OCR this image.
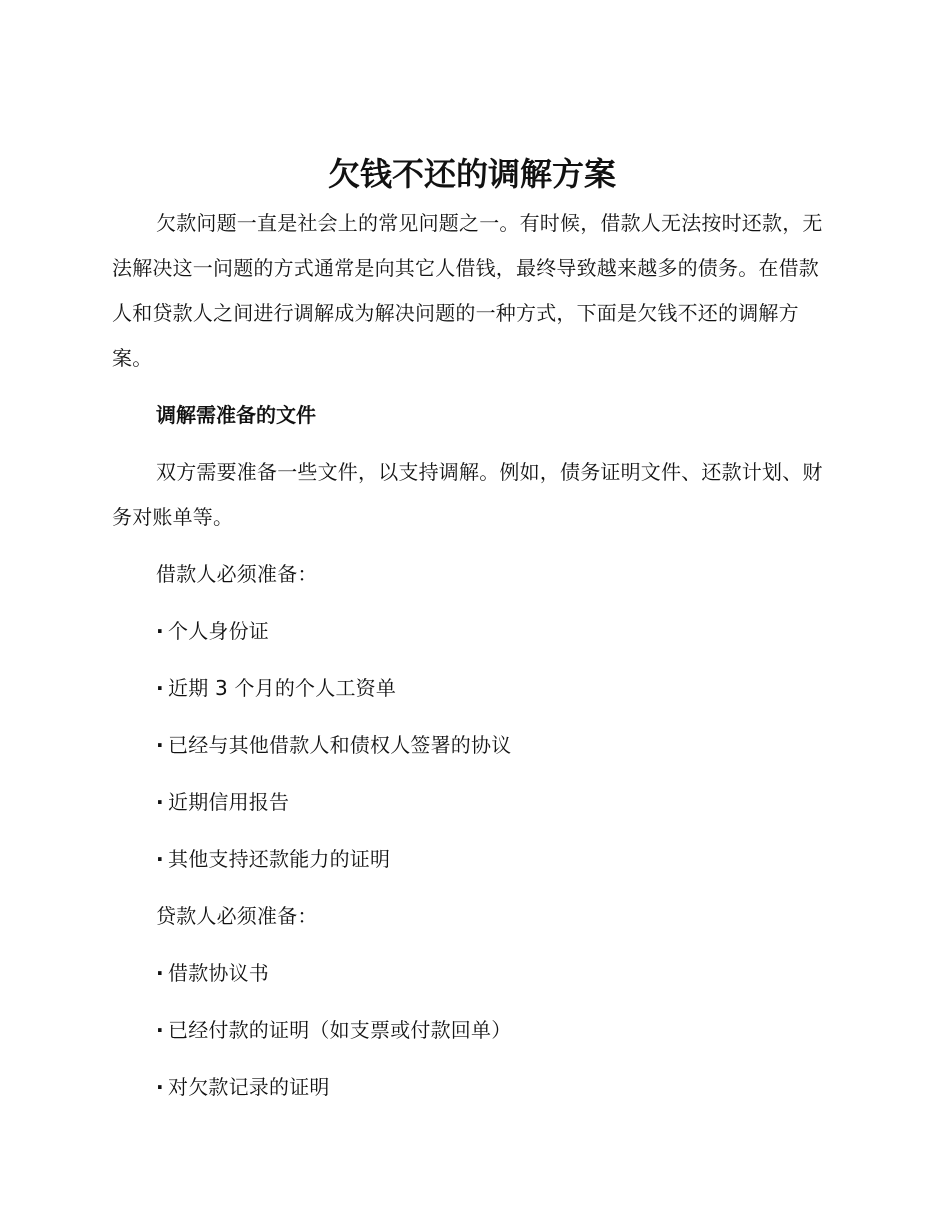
欠钱不还的调解方案

欠款问题一直是社会上的常见问题之一。有时候，借款人无法按时还款，无法解决这一问题的方式通常是向其它人借钱，最终导致越来越多的债务。在借款人和贷款人之间进行调解成为解决问题的一种方式，下面是欠钱不还的调解方案。

调解需准备的文件

双方需要准备一些文件，以支持调解。例如，债务证明文件、还款计划、财务对账单等。

借款人必须准备：

· 个人身份证

· 近期 3 个月的个人工资单

· 已经与其他借款人和债权人签署的协议

· 近期信用报告

· 其他支持还款能力的证明

贷款人必须准备：

· 借款协议书

· 已经付款的证明（如支票或付款回单）

· 对欠款记录的证明
